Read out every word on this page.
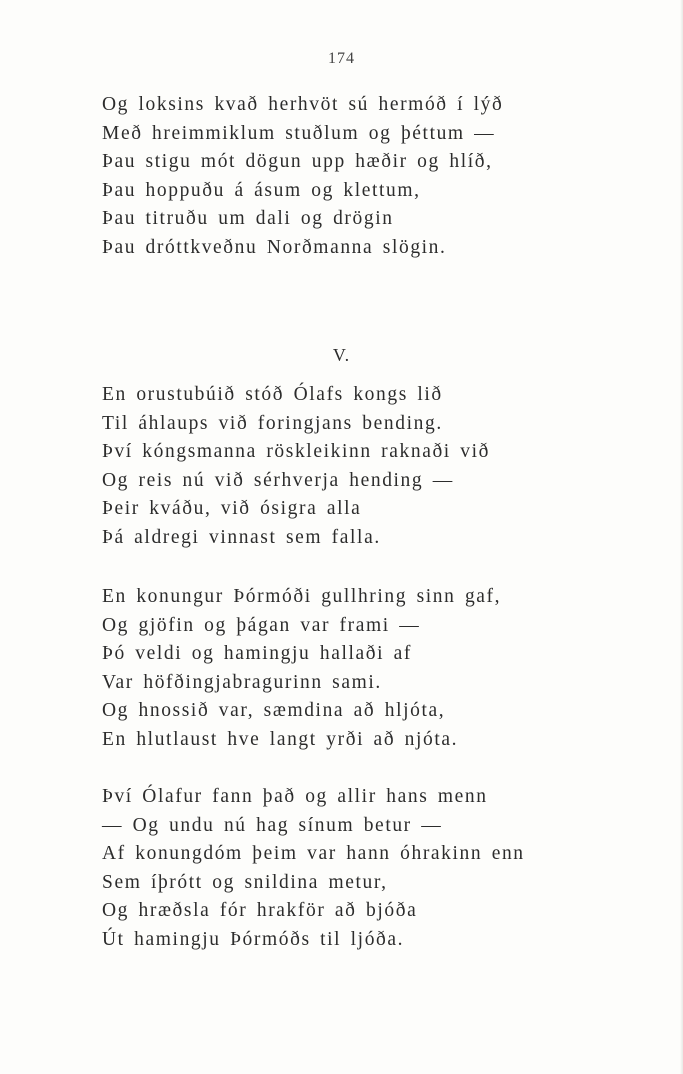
174
Og loksins kvað herhvöt sú hermóð í lýð
Með hreimmiklum stuðlum og þéttum —
Þau stigu mót dögun upp hæðir og hlíð,
Þau hoppuðu á ásum og klettum,
Þau titruðu um dali og drögin
Þau dróttkveðnu Norðmanna slögin.
V.
En orustubúið stóð Ólafs kongs lið
Til áhlaups við foringjans bending.
Því kóngsmanna röskleikinn raknaði við
Og reis nú við sérhverja hending —
Þeir kváðu, við ósigra alla
Þá aldregi vinnast sem falla.
En konungur Þórmóði gullhring sinn gaf,
Og gjöfin og þágan var frami —
Þó veldi og hamingju hallaði af
Var höfðingjabragurinn sami.
Og hnossið var, sæmdina að hljóta,
En hlutlaust hve langt yrði að njóta.
Því Ólafur fann það og allir hans menn
— Og undu nú hag sínum betur —
Af konungdóm þeim var hann óhrakinn enn
Sem íþrótt og snildina metur,
Og hræðsla fór hrakför að bjóða
Út hamingju Þórmóðs til ljóða.
